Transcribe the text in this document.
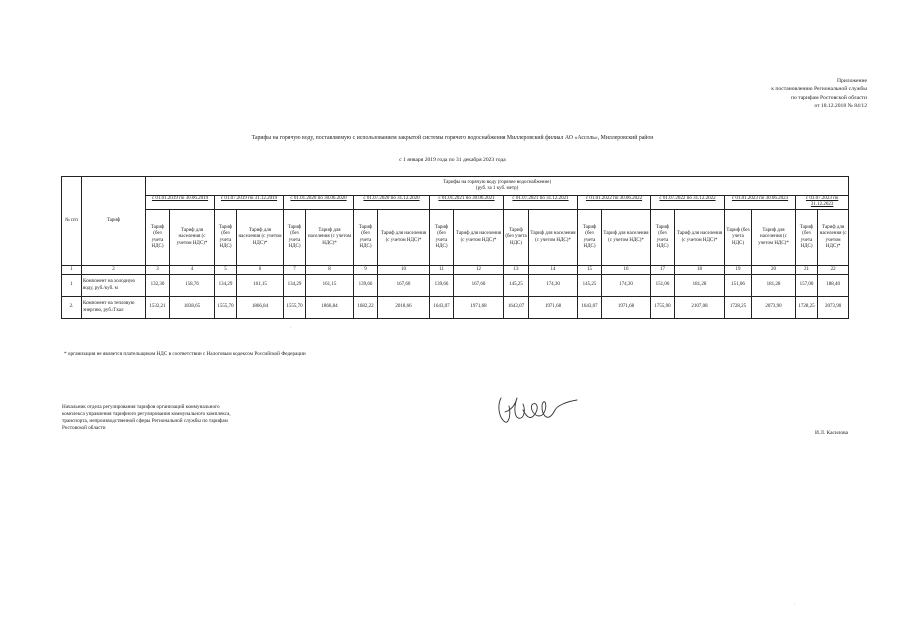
Приложение
к постановлению Региональной службы
по тарифам Ростовской области
от 18.12.2018 № 84/12
Тарифы на горячую воду, поставляемую с использованием закрытой системы горячего водоснабжения Миллеровский филиал АО «Ассоль», Миллеровский район
с 1 января 2019 года по 31 декабря 2023 года
№ п/п	Тариф	Тарифы на горячую воду (горячее водоснабжение)
(руб. за 1 куб. метр)																			

		с 01.01.2019 по 30.06.2019		с 01.07.2019 по 31.12.2019		с 01.01.2020 по 30.06.2020		с 01.07.2020 по 31.12.2020		с 01.01.2021 по 30.06.2021		с 01.07.2021 по 31.12.2021		с 01.01.2022 по 30.06.2022		с 01.07.2022 по 31.12.2022		с 01.01.2023 по 30.06.2023		с 01.07.2023 по 31.12.2023	
		Тариф (без учета НДС)	Тариф для населения (с учетом НДС)*	Тариф (без учета НДС)	Тариф для населения (с учетом НДС)*	Тариф (без учета НДС)	Тариф для населения (с учетом НДС)*	Тариф (без учета НДС)	Тариф для населения (с учетом НДС)*	Тариф (без учета НДС)	Тариф для населения (с учетом НДС)*	Тариф (без учета НДС)	Тариф для населения (с учетом НДС)*	Тариф (без учета НДС)	Тариф для населения (с учетом НДС)*	Тариф (без учета НДС)	Тариф для населения (с учетом НДС)*	Тариф (без учета НДС)	Тариф для населения (с учетом НДС)*	Тариф (без учета НДС)	Тариф для населения (с учетом НДС)*
1	2	3	4	5	6	7	8	9	10	11	12	13	14	15	16	17	18	19	20	21	22
1	Компонент на холодную воду, руб./куб. м	132,30	158,76	134,29	161,15	134,29	161,15	139,66	167,60	139,66	167,60	145,25	174,30	145,25	174,30	151,06	181,28	151,06	181,28	157,00	188,40
2.	Компонент на тепловую энергию, руб./Гкал	1532,21	1838,65	1555,70	1866,84	1555,70	1866,84	1682,22	2018,66	1643,07	1971,68	1643,07	1971,68	1643,07	1971,68	1755,90	2107,08	1728,25	2073,90	1728,25	2073,90
* организация не является плательщиком НДС в соответствии с Налоговым кодексом Российской Федерации
Начальник отдела регулирования тарифов организаций коммунального
комплекса управления тарифного регулирования коммунального комплекса,
транспорта, непроизводственной сферы Региональной службы по тарифам
Ростовской области
И.Л. Касилова
·
·
